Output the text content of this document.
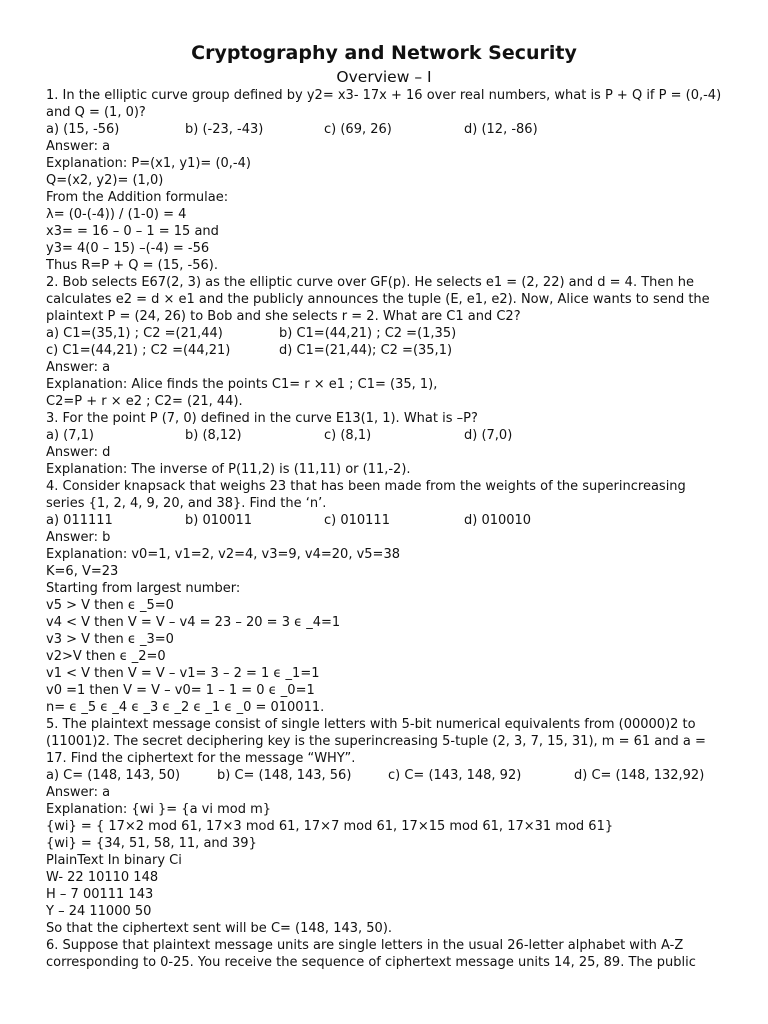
Cryptography and Network Security
Overview – I
1. In the elliptic curve group defined by y2= x3- 17x + 16 over real numbers, what is P + Q if P = (0,-4) and Q = (1, 0)?
a) (15, -56)	b) (-23, -43)	c) (69, 26)	d) (12, -86)
Answer: a
Explanation: P=(x1, y1)= (0,-4)
Q=(x2, y2)= (1,0)
From the Addition formulae:
λ= (0-(-4)) / (1-0) = 4
x3= = 16 – 0 – 1 = 15 and
y3= 4(0 – 15) –(-4) = -56
Thus R=P + Q = (15, -56).
2. Bob selects E67(2, 3) as the elliptic curve over GF(p). He selects e1 = (2, 22) and d = 4. Then he calculates e2 = d × e1 and the publicly announces the tuple (E, e1, e2). Now, Alice wants to send the plaintext P = (24, 26) to Bob and she selects r = 2. What are C1 and C2?
a) C1=(35,1) ; C2 =(21,44)	b) C1=(44,21) ; C2 =(1,35)
c) C1=(44,21) ; C2 =(44,21)	d) C1=(21,44); C2 =(35,1)
Answer: a
Explanation: Alice finds the points C1= r × e1 ; C1= (35, 1),
C2=P + r × e2 ; C2= (21, 44).
3. For the point P (7, 0) defined in the curve E13(1, 1). What is –P?
a) (7,1)	b) (8,12)	c) (8,1)	d) (7,0)
Answer: d
Explanation: The inverse of P(11,2) is (11,11) or (11,-2).
4. Consider knapsack that weighs 23 that has been made from the weights of the superincreasing series {1, 2, 4, 9, 20, and 38}. Find the ‘n’.
a) 011111	b) 010011	c) 010111	d) 010010
Answer: b
Explanation: v0=1, v1=2, v2=4, v3=9, v4=20, v5=38
K=6, V=23
Starting from largest number:
v5 > V then ϵ _5=0
v4 < V then V = V – v4 = 23 – 20 = 3 ϵ _4=1
v3 > V then ϵ _3=0
v2>V then ϵ _2=0
v1 < V then V = V – v1= 3 – 2 = 1 ϵ _1=1
v0 =1 then V = V – v0= 1 – 1 = 0 ϵ _0=1
n= ϵ _5 ϵ _4 ϵ _3 ϵ _2 ϵ _1 ϵ _0 = 010011.
5. The plaintext message consist of single letters with 5-bit numerical equivalents from (00000)2 to (11001)2. The secret deciphering key is the superincreasing 5-tuple (2, 3, 7, 15, 31), m = 61 and a = 17. Find the ciphertext for the message “WHY”.
a) C= (148, 143, 50)	b) C= (148, 143, 56)	c) C= (143, 148, 92)	d) C= (148, 132,92)
Answer: a
Explanation: {wi }= {a vi mod m}
{wi} = { 17×2 mod 61, 17×3 mod 61, 17×7 mod 61, 17×15 mod 61, 17×31 mod 61}
{wi} = {34, 51, 58, 11, and 39}
PlainText In binary Ci
W- 22 10110 148
H – 7 00111 143
Y – 24 11000 50
So that the ciphertext sent will be C= (148, 143, 50).
6. Suppose that plaintext message units are single letters in the usual 26-letter alphabet with A-Z corresponding to 0-25. You receive the sequence of ciphertext message units 14, 25, 89. The public
